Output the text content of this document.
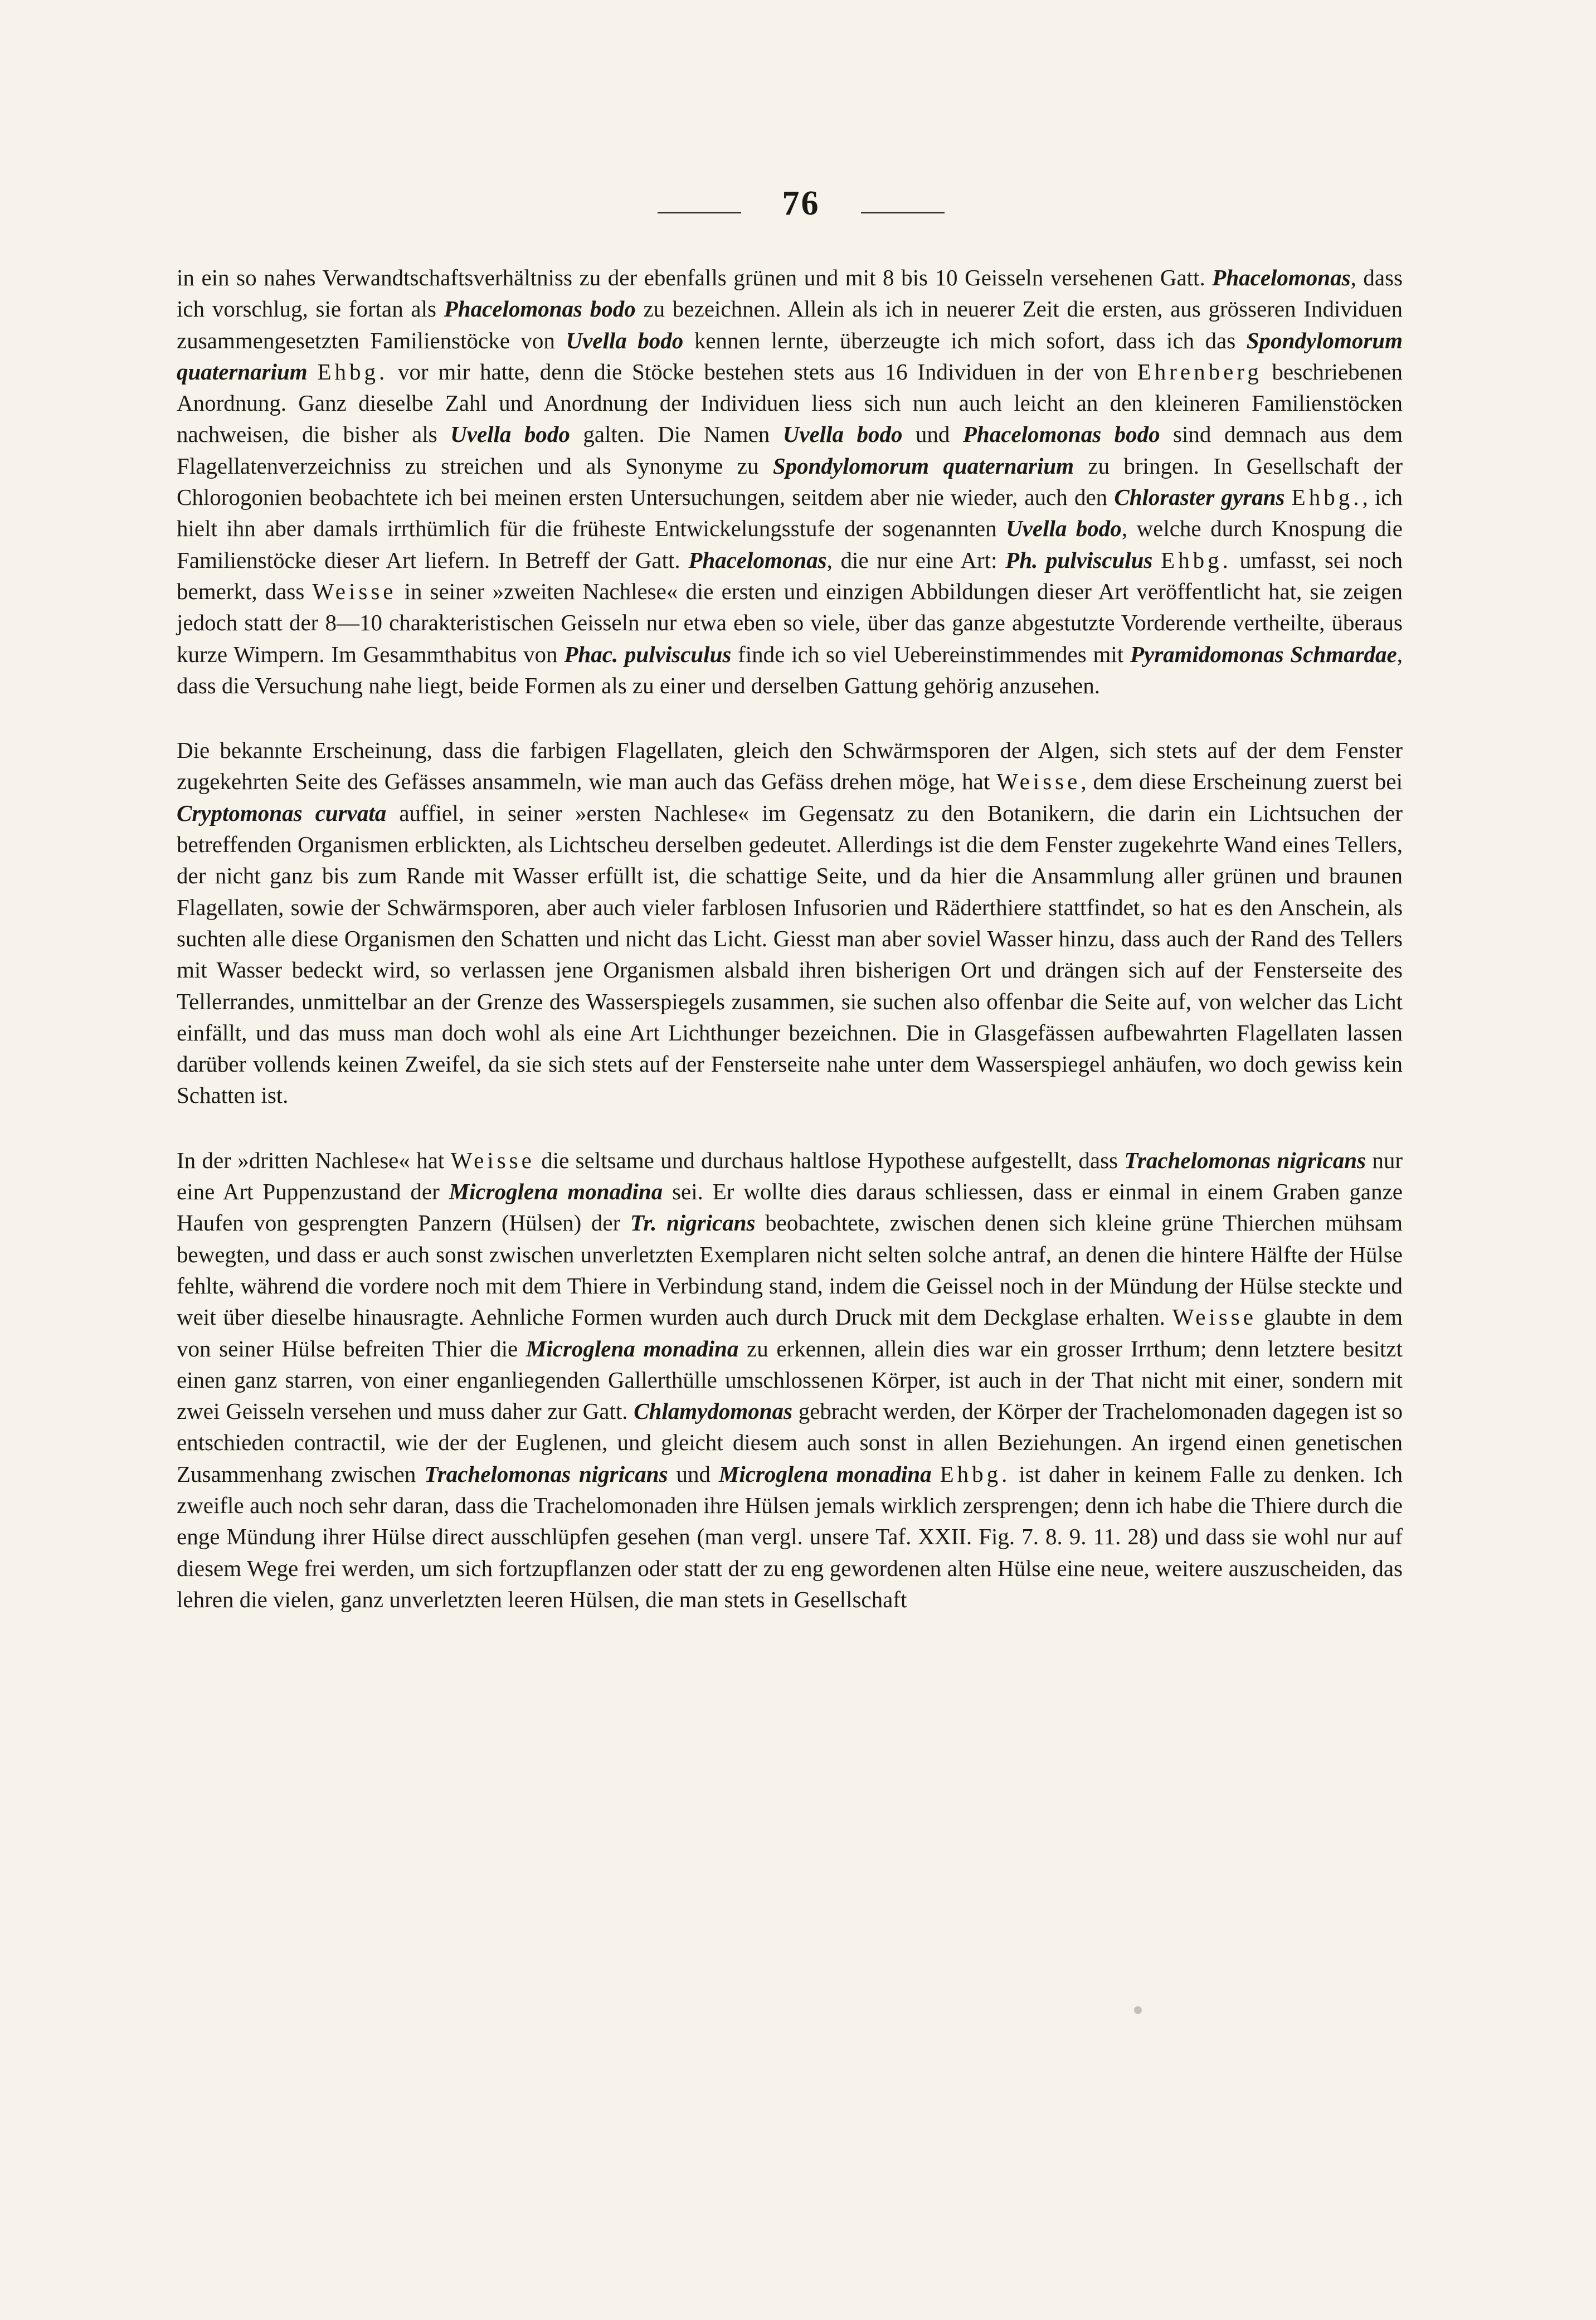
76

in ein so nahes Verwandtschaftsverhältniss zu der ebenfalls grünen und mit 8 bis 10 Geisseln versehenen Gatt. Phacelomonas, dass ich vorschlug, sie fortan als Phacelomonas bodo zu bezeichnen. Allein als ich in neuerer Zeit die ersten, aus grösseren Individuen zusammengesetzten Familienstöcke von Uvella bodo kennen lernte, überzeugte ich mich sofort, dass ich das Spondylomorum quaternarium Ehbg. vor mir hatte, denn die Stöcke bestehen stets aus 16 Individuen in der von Ehrenberg beschriebenen Anordnung. Ganz dieselbe Zahl und Anordnung der Individuen liess sich nun auch leicht an den kleineren Familienstöcken nachweisen, die bisher als Uvella bodo galten. Die Namen Uvella bodo und Phacelomonas bodo sind demnach aus dem Flagellatenverzeichniss zu streichen und als Synonyme zu Spondylomorum quaternarium zu bringen. In Gesellschaft der Chlorogonien beobachtete ich bei meinen ersten Untersuchungen, seitdem aber nie wieder, auch den Chloraster gyrans Ehbg., ich hielt ihn aber damals irrthümlich für die früheste Entwickelungsstufe der sogenannten Uvella bodo, welche durch Knospung die Familienstöcke dieser Art liefern. In Betreff der Gatt. Phacelomonas, die nur eine Art: Ph. pulvisculus Ehbg. umfasst, sei noch bemerkt, dass Weisse in seiner »zweiten Nachlese« die ersten und einzigen Abbildungen dieser Art veröffentlicht hat, sie zeigen jedoch statt der 8—10 charakteristischen Geisseln nur etwa eben so viele, über das ganze abgestutzte Vorderende vertheilte, überaus kurze Wimpern. Im Gesammthabitus von Phac. pulvisculus finde ich so viel Uebereinstimmendes mit Pyramidomonas Schmardae, dass die Versuchung nahe liegt, beide Formen als zu einer und derselben Gattung gehörig anzusehen.

Die bekannte Erscheinung, dass die farbigen Flagellaten, gleich den Schwärmsporen der Algen, sich stets auf der dem Fenster zugekehrten Seite des Gefässes ansammeln, wie man auch das Gefäss drehen möge, hat Weisse, dem diese Erscheinung zuerst bei Cryptomonas curvata auffiel, in seiner »ersten Nachlese« im Gegensatz zu den Botanikern, die darin ein Lichtsuchen der betreffenden Organismen erblickten, als Lichtscheu derselben gedeutet. Allerdings ist die dem Fenster zugekehrte Wand eines Tellers, der nicht ganz bis zum Rande mit Wasser erfüllt ist, die schattige Seite, und da hier die Ansammlung aller grünen und braunen Flagellaten, sowie der Schwärmsporen, aber auch vieler farblosen Infusorien und Räderthiere stattfindet, so hat es den Anschein, als suchten alle diese Organismen den Schatten und nicht das Licht. Giesst man aber soviel Wasser hinzu, dass auch der Rand des Tellers mit Wasser bedeckt wird, so verlassen jene Organismen alsbald ihren bisherigen Ort und drängen sich auf der Fensterseite des Tellerrandes, unmittelbar an der Grenze des Wasserspiegels zusammen, sie suchen also offenbar die Seite auf, von welcher das Licht einfällt, und das muss man doch wohl als eine Art Lichthunger bezeichnen. Die in Glasgefässen aufbewahrten Flagellaten lassen darüber vollends keinen Zweifel, da sie sich stets auf der Fensterseite nahe unter dem Wasserspiegel anhäufen, wo doch gewiss kein Schatten ist.

In der »dritten Nachlese« hat Weisse die seltsame und durchaus haltlose Hypothese aufgestellt, dass Trachelomonas nigricans nur eine Art Puppenzustand der Microglena monadina sei. Er wollte dies daraus schliessen, dass er einmal in einem Graben ganze Haufen von gesprengten Panzern (Hülsen) der Tr. nigricans beobachtete, zwischen denen sich kleine grüne Thierchen mühsam bewegten, und dass er auch sonst zwischen unverletzten Exemplaren nicht selten solche antraf, an denen die hintere Hälfte der Hülse fehlte, während die vordere noch mit dem Thiere in Verbindung stand, indem die Geissel noch in der Mündung der Hülse steckte und weit über dieselbe hinausragte. Aehnliche Formen wurden auch durch Druck mit dem Deckglase erhalten. Weisse glaubte in dem von seiner Hülse befreiten Thier die Microglena monadina zu erkennen, allein dies war ein grosser Irrthum; denn letztere besitzt einen ganz starren, von einer enganliegenden Gallerthülle umschlossenen Körper, ist auch in der That nicht mit einer, sondern mit zwei Geisseln versehen und muss daher zur Gatt. Chlamydomonas gebracht werden, der Körper der Trachelomonaden dagegen ist so entschieden contractil, wie der der Euglenen, und gleicht diesem auch sonst in allen Beziehungen. An irgend einen genetischen Zusammenhang zwischen Trachelomonas nigricans und Microglena monadina Ehbg. ist daher in keinem Falle zu denken. Ich zweifle auch noch sehr daran, dass die Trachelomonaden ihre Hülsen jemals wirklich zersprengen; denn ich habe die Thiere durch die enge Mündung ihrer Hülse direct ausschlüpfen gesehen (man vergl. unsere Taf. XXII. Fig. 7. 8. 9. 11. 28) und dass sie wohl nur auf diesem Wege frei werden, um sich fortzupflanzen oder statt der zu eng gewordenen alten Hülse eine neue, weitere auszuscheiden, das lehren die vielen, ganz unverletzten leeren Hülsen, die man stets in Gesellschaft
